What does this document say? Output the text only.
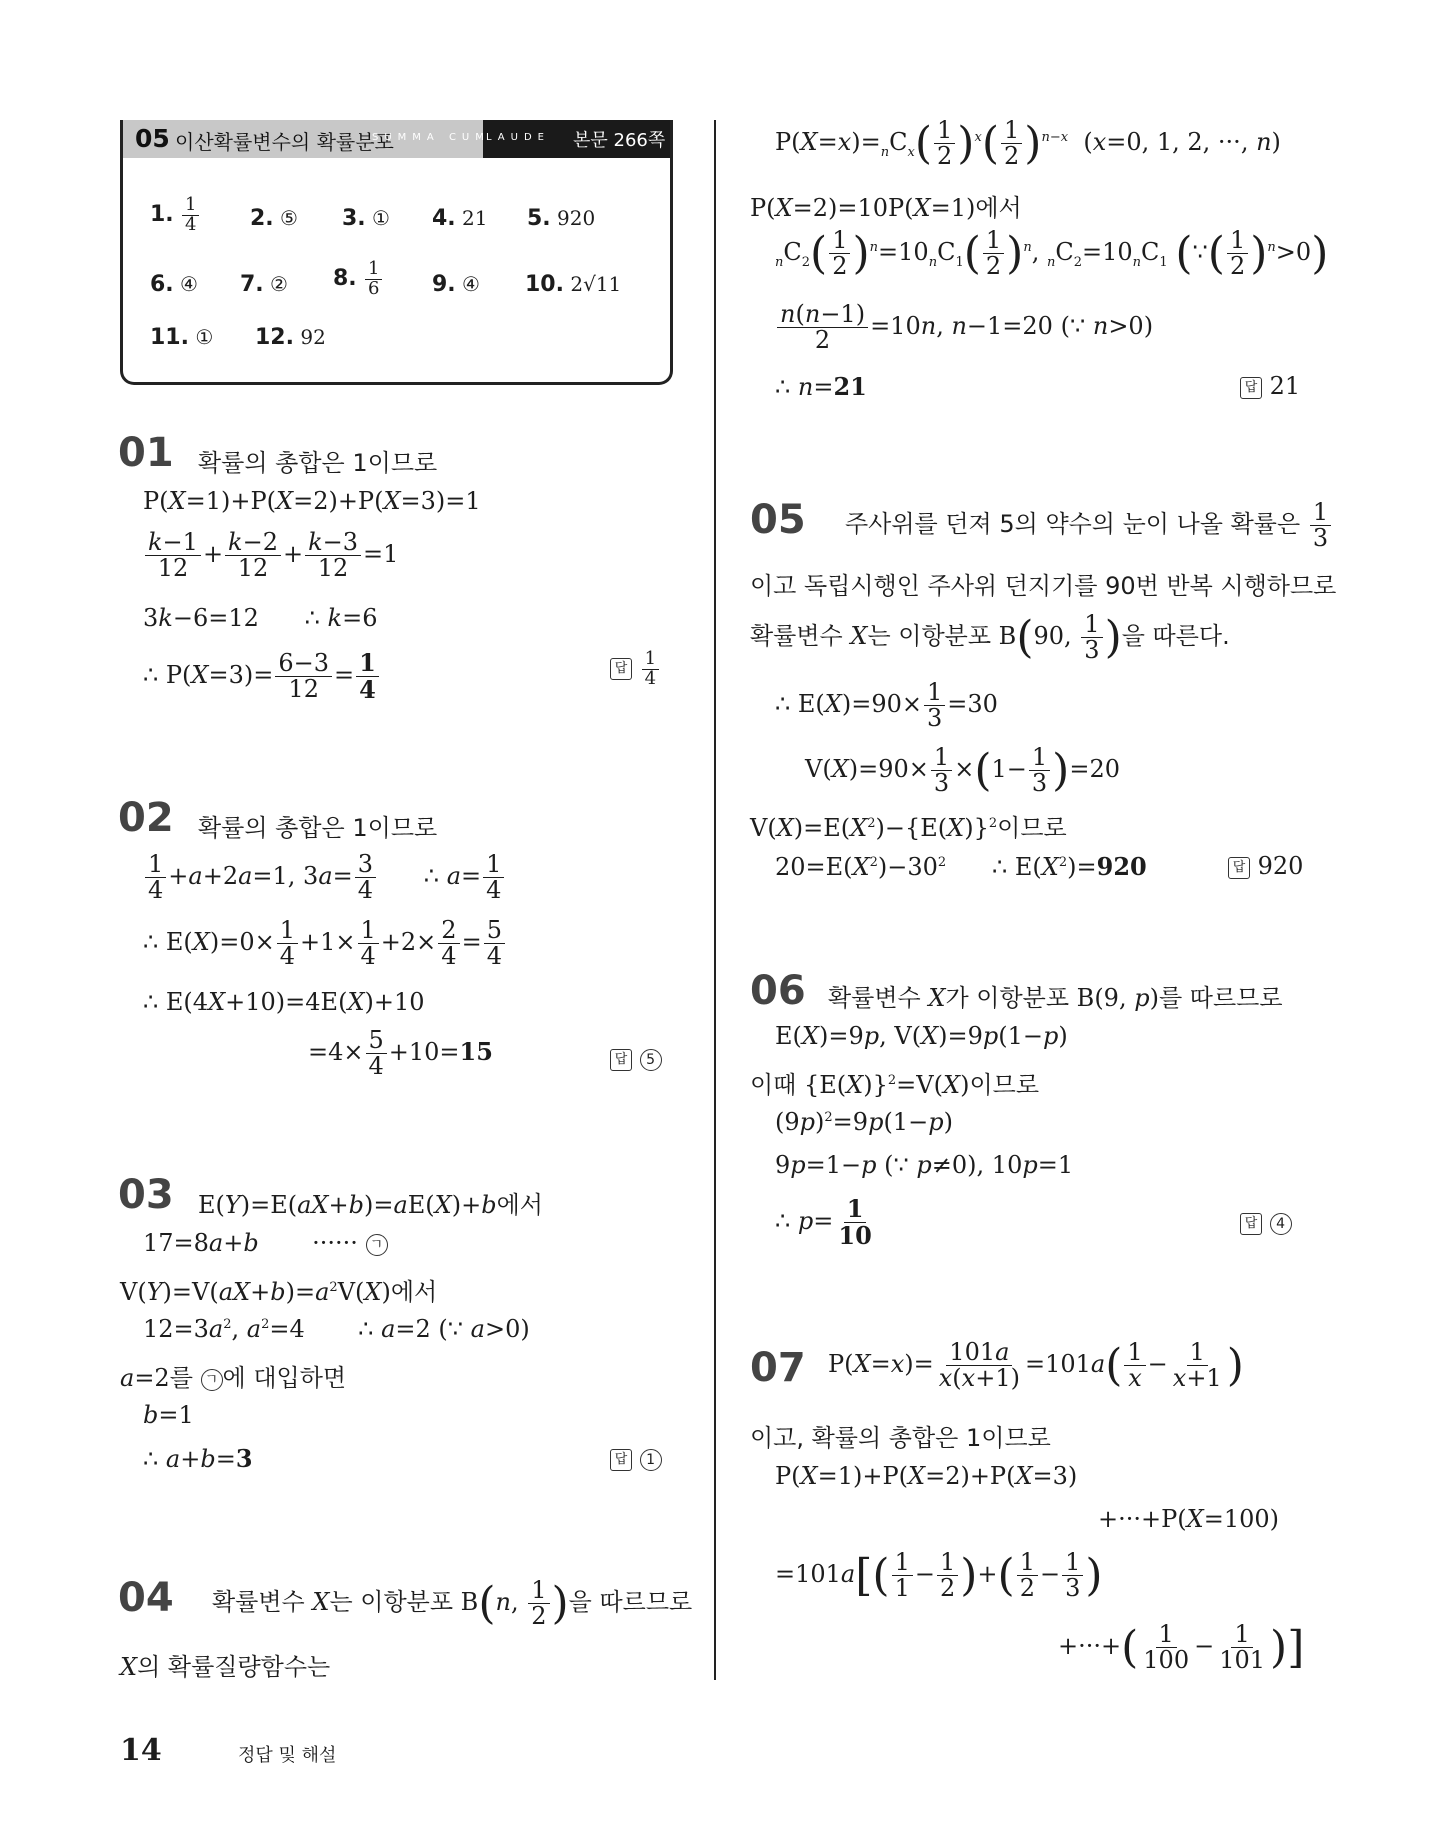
05 이산확률변수의 확률분포
SUMMA CUM
LAUDE 본문 266쪽
1. $\frac{1}{4} 2$. ⑤ 3. ① 4. 21 5. 920
6. ④ 7. ② 8. $\frac{1}{6} 9$. ④ 10. 2√11
11. ① 12. 92
01 확률의 총합은 1이므로
P(X=1)+P(X=2)+P(X=3)=1
$\frac{k-1}{12} + \frac{k-2}{12} + \frac{k-3}{12} =1$
3k−6=12      ∴ k=6
∴ $P(X=3)= \frac{6-3}{12} = \frac{1}{4}$	답 $\frac{1}{4}$
02 확률의 총합은 1이므로
$\frac{1}{4} +a+2a=1$, $3a= \frac{3}{4}$ ∴ $a= \frac{1}{4}$
∴ $E(X)=0\times \frac{1}{4} +1\times \frac{1}{4} +2\times \frac{2}{4} = \frac{5}{4}$
∴ E(4X+10)=4E(X)+10
$=4\times \frac{5}{4} +10=15$	답 5
03 E(Y)=E(aX+b)=aE(X)+b에서
17=8a+b       ······ ㄱ
$V(Y)=V(aX+b)=a^2V(X)$에서
$12=3a^2$, $a^2=4$       ∴ a=2 (∵ a>0)
a=2를 ㄱ 에 대입하면
b=1
∴ a+b=3	답 1
04 확률변수 X는 이항분포 B(n, $\frac{1}{2}$ )을 따르므로
X의 확률질량함수는
$P(X=x)=_nC_x( \frac{1}{2} )^x( \frac{1}{2} )^{n-x}$  (x=0, 1, 2, ···, n)
P(X=2)=10P(X=1)에서
$_nC_2( \frac{1}{2} )^n=10_nC_1( \frac{1}{2} )^n$, $_nC_2=10_nC_1$ (∵( $\frac{1}{2} )^n>0$)
$\frac{n(n-1)}{2} =10n$, n−1=20 (∵ n>0)
∴ n=21	답 21
05 주사위를 던져 5의 약수의 눈이 나올 확률은 $\frac{1}{3}$
이고 독립시행인 주사위 던지기를 90번 반복 시행하므로
확률변수 X는 이항분포 B(90, $\frac{1}{3}$ )을 따른다.
∴ $E(X)=90\times \frac{1}{3} =30$
$V(X)=90\times \frac{1}{3} \times(1- \frac{1}{3} )=20$
$V(X)=E(X^2)-\{E(X)\}^2$이므로
$20=E(X^2)-30^2$      ∴ $E(X^2)=920$	답 920
06 확률변수 X가 이항분포 B(9, p)를 따르므로
E(X)=9p, V(X)=9p(1−p)
이때 $\{E(X)\}^2=V(X)$이므로
$(9p)^2=9p(1-p)$
9p=1−p (∵ p≠0), 10p=1
∴ $p= \frac{1}{10}$	답 4
07 $P(X=x)= \frac{101a}{x(x+1)} =101a( \frac{1}{x} - \frac{1}{x+1}$ )
이고, 확률의 총합은 1이므로
P(X=1)+P(X=2)+P(X=3)
+···+P(X=100)
$=101a[( \frac{1}{1} - \frac{1}{2}$ )+( $\frac{1}{2} - \frac{1}{3}$ )
+···+( $\frac{1}{100} - \frac{1}{101}$ )]
14	정답 및 해설
